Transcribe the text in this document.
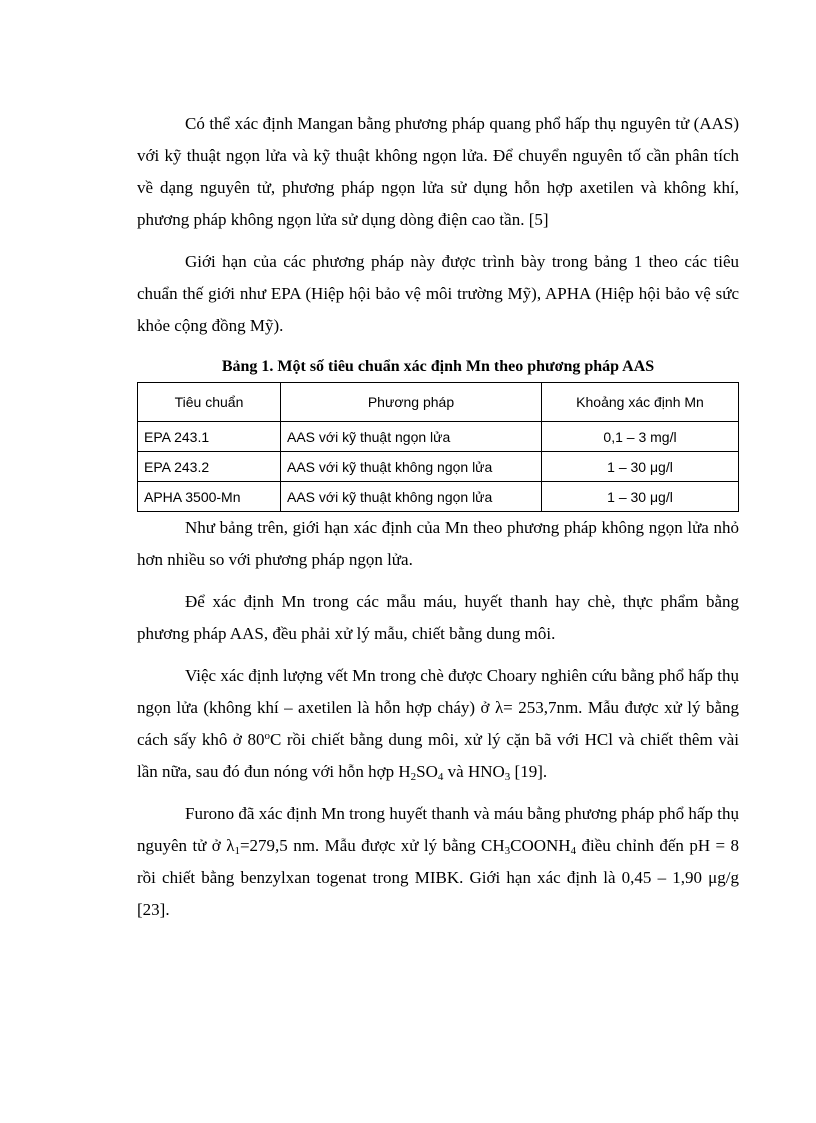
Có thể xác định Mangan bằng phương pháp quang phổ hấp thụ nguyên tử (AAS) với kỹ thuật ngọn lửa và kỹ thuật không ngọn lửa. Để chuyển nguyên tố cần phân tích về dạng nguyên tử, phương pháp ngọn lửa sử dụng hỗn hợp axetilen và không khí, phương pháp không ngọn lửa sử dụng dòng điện cao tần. [5]

Giới hạn của các phương pháp này được trình bày trong bảng 1 theo các tiêu chuẩn thế giới như EPA (Hiệp hội bảo vệ môi trường Mỹ), APHA (Hiệp hội bảo vệ sức khỏe cộng đồng Mỹ).

Bảng 1. Một số tiêu chuẩn xác định Mn theo phương pháp AAS
Tiêu chuẩn	Phương pháp	Khoảng xác định Mn
EPA 243.1	AAS với kỹ thuật ngọn lửa	0,1 – 3 mg/l
EPA 243.2	AAS với kỹ thuật không ngọn lửa	1 – 30 μg/l
APHA 3500-Mn	AAS với kỹ thuật không ngọn lửa	1 – 30 μg/l

Như bảng trên, giới hạn xác định của Mn theo phương pháp không ngọn lửa nhỏ hơn nhiều so với phương pháp ngọn lửa.

Để xác định Mn trong các mẫu máu, huyết thanh hay chè, thực phẩm bằng phương pháp AAS, đều phải xử lý mẫu, chiết bằng dung môi.

Việc xác định lượng vết Mn trong chè được Choary nghiên cứu bằng phổ hấp thụ ngọn lửa (không khí – axetilen là hỗn hợp cháy) ở λ= 253,7nm. Mẫu được xử lý bằng cách sấy khô ở 80$^o$C rồi chiết bằng dung môi, xử lý cặn bã với HCl và chiết thêm vài lần nữa, sau đó đun nóng với hỗn hợp $H_2SO_4$ và $HNO_3$ [19].

Furono đã xác định Mn trong huyết thanh và máu bằng phương pháp phổ hấp thụ nguyên tử ở $\lambda_1=279,5$ nm. Mẫu được xử lý bằng $CH_3COONH_4$ điều chỉnh đến pH = 8 rồi chiết bằng benzylxan togenat trong MIBK. Giới hạn xác định là 0,45 – 1,90 μg/g [23].
